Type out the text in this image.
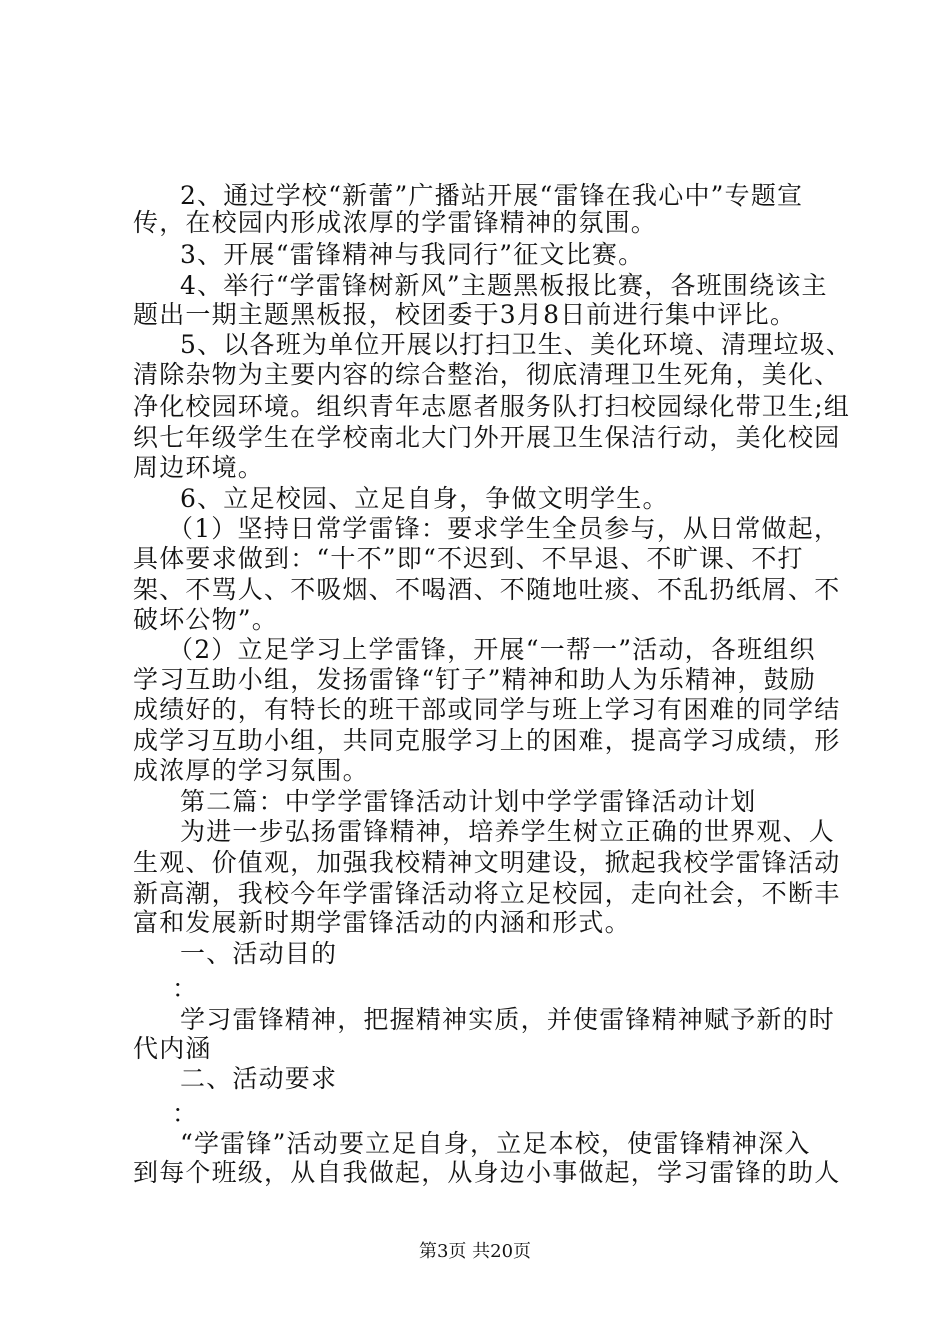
2、通过学校“新蕾”广播站开展“雷锋在我心中”专题宣
传，在校园内形成浓厚的学雷锋精神的氛围。
3、开展“雷锋精神与我同行”征文比赛。
4、举行“学雷锋树新风”主题黑板报比赛，各班围绕该主
题出一期主题黑板报，校团委于3月8日前进行集中评比。
5、以各班为单位开展以打扫卫生、美化环境、清理垃圾、
清除杂物为主要内容的综合整治，彻底清理卫生死角，美化、
净化校园环境。组织青年志愿者服务队打扫校园绿化带卫生;组
织七年级学生在学校南北大门外开展卫生保洁行动，美化校园
周边环境。
6、立足校园、立足自身，争做文明学生。
（1）坚持日常学雷锋：要求学生全员参与，从日常做起，
具体要求做到：“十不”即“不迟到、不早退、不旷课、不打
架、不骂人、不吸烟、不喝酒、不随地吐痰、不乱扔纸屑、不
破坏公物”。
（2）立足学习上学雷锋，开展“一帮一”活动，各班组织
学习互助小组，发扬雷锋“钉子”精神和助人为乐精神，鼓励
成绩好的，有特长的班干部或同学与班上学习有困难的同学结
成学习互助小组，共同克服学习上的困难，提高学习成绩，形
成浓厚的学习氛围。
第二篇：中学学雷锋活动计划中学学雷锋活动计划
为进一步弘扬雷锋精神，培养学生树立正确的世界观、人
生观、价值观，加强我校精神文明建设，掀起我校学雷锋活动
新高潮，我校今年学雷锋活动将立足校园，走向社会，不断丰
富和发展新时期学雷锋活动的内涵和形式。
一、活动目的
：
学习雷锋精神，把握精神实质，并使雷锋精神赋予新的时
代内涵
二、活动要求
：
“学雷锋”活动要立足自身，立足本校，使雷锋精神深入
到每个班级，从自我做起，从身边小事做起，学习雷锋的助人
第3页 共20页
